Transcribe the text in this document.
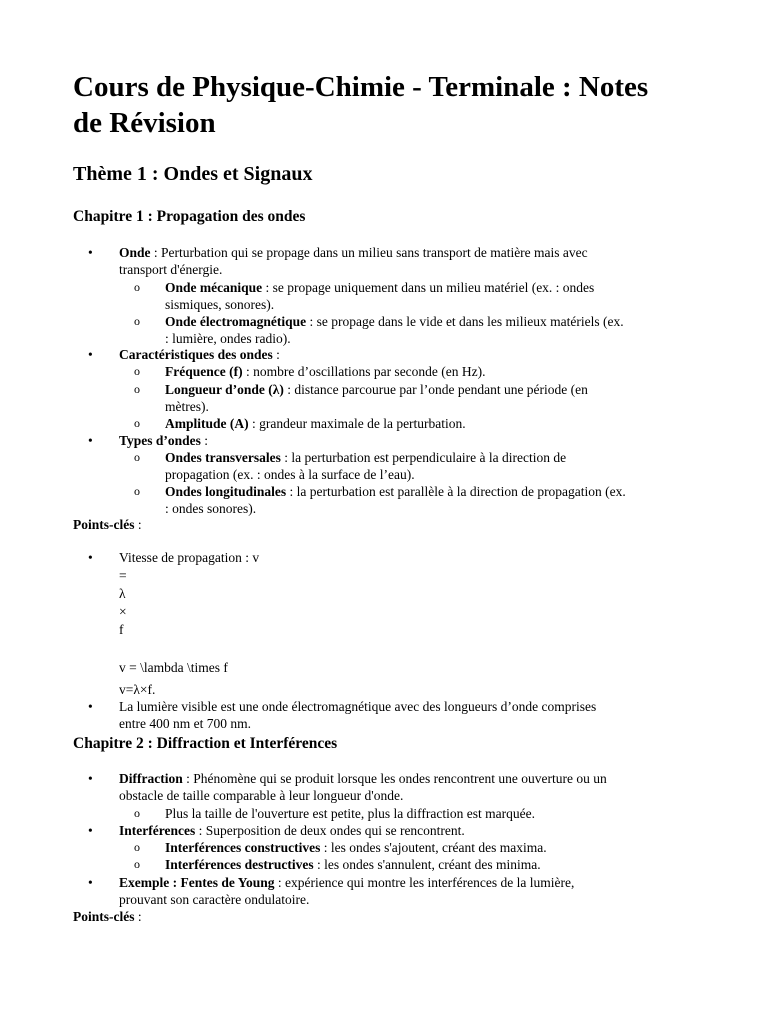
Cours de Physique-Chimie - Terminale : Notes
de Révision
Thème 1 : Ondes et Signaux
Chapitre 1 : Propagation des ondes
• Onde : Perturbation qui se propage dans un milieu sans transport de matière mais avec
transport d'énergie.
o Onde mécanique : se propage uniquement dans un milieu matériel (ex. : ondes
sismiques, sonores).
o Onde électromagnétique : se propage dans le vide et dans les milieux matériels (ex.
: lumière, ondes radio).
• Caractéristiques des ondes :
o Fréquence (f) : nombre d’oscillations par seconde (en Hz).
o Longueur d’onde (λ) : distance parcourue par l’onde pendant une période (en
mètres).
o Amplitude (A) : grandeur maximale de la perturbation.
• Types d’ondes :
o Ondes transversales : la perturbation est perpendiculaire à la direction de
propagation (ex. : ondes à la surface de l’eau).
o Ondes longitudinales : la perturbation est parallèle à la direction de propagation (ex.
: ondes sonores).
Points-clés :
• Vitesse de propagation : v
=
λ
×
f
v = \lambda \times f
v=λ×f.
• La lumière visible est une onde électromagnétique avec des longueurs d’onde comprises
entre 400 nm et 700 nm.
Chapitre 2 : Diffraction et Interférences
• Diffraction : Phénomène qui se produit lorsque les ondes rencontrent une ouverture ou un
obstacle de taille comparable à leur longueur d'onde.
o Plus la taille de l'ouverture est petite, plus la diffraction est marquée.
• Interférences : Superposition de deux ondes qui se rencontrent.
o Interférences constructives : les ondes s'ajoutent, créant des maxima.
o Interférences destructives : les ondes s'annulent, créant des minima.
• Exemple : Fentes de Young : expérience qui montre les interférences de la lumière,
prouvant son caractère ondulatoire.
Points-clés :
